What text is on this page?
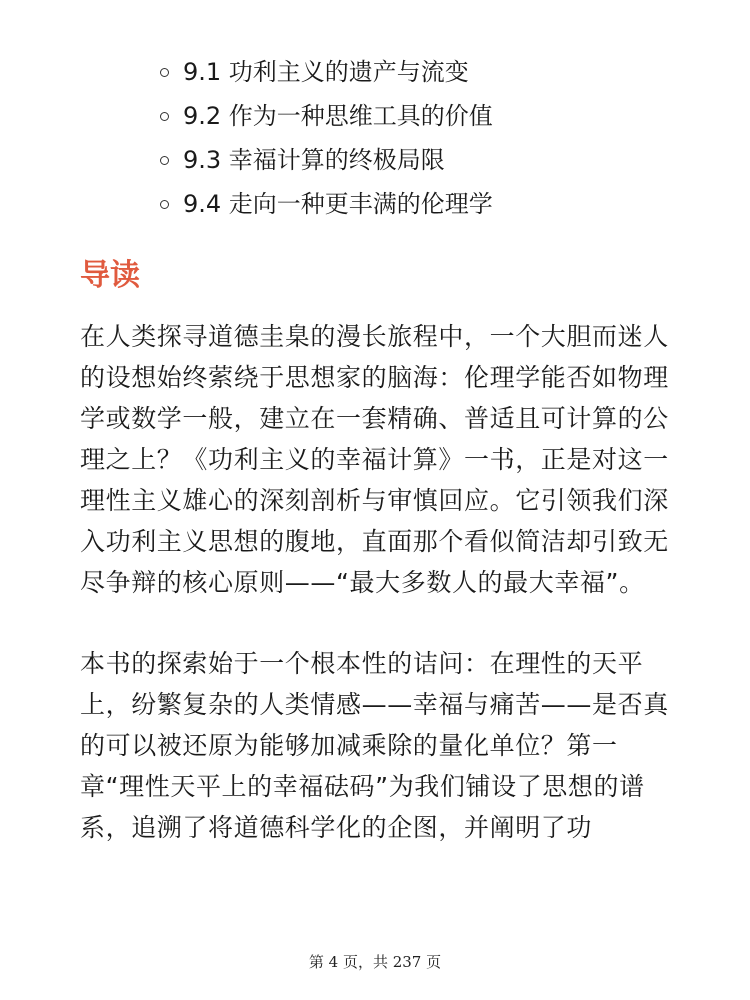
9.1 功利主义的遗产与流变
9.2 作为一种思维工具的价值
9.3 幸福计算的终极局限
9.4 走向一种更丰满的伦理学
导读

在人类探寻道德圭臬的漫长旅程中，一个大胆而迷人的设想始终萦绕于思想家的脑海：伦理学能否如物理学或数学一般，建立在一套精确、普适且可计算的公理之上？《功利主义的幸福计算》一书，正是对这一理性主义雄心的深刻剖析与审慎回应。它引领我们深入功利主义思想的腹地，直面那个看似简洁却引致无尽争辩的核心原则——“最大多数人的最大幸福”。

本书的探索始于一个根本性的诘问：在理性的天平上，纷繁复杂的人类情感——幸福与痛苦——是否真的可以被还原为能够加减乘除的量化单位？第一章“理性天平上的幸福砝码”为我们铺设了思想的谱系，追溯了将道德科学化的企图，并阐明了功

第 4 页，共 237 页
